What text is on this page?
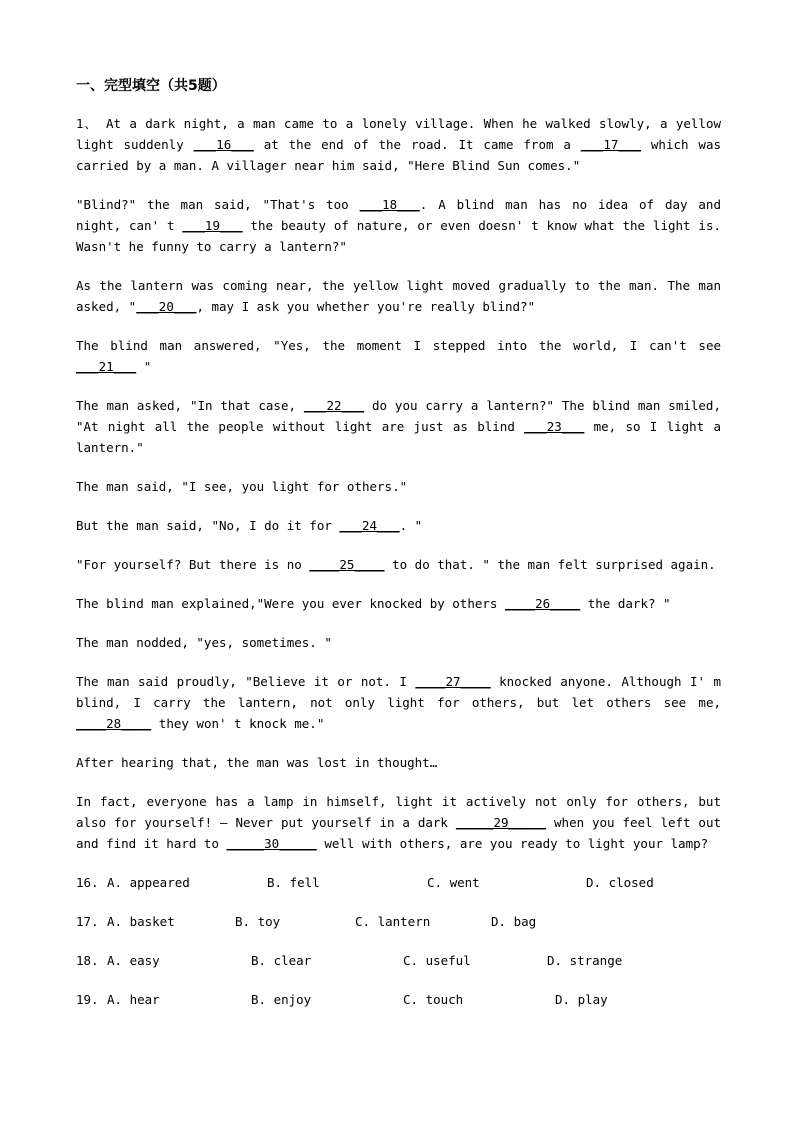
一、完型填空（共5题）

1、 At a dark night, a man came to a lonely village. When he walked slowly, a yellow light suddenly ___16___ at the end of the road. It came from a ___17___ which was carried by a man. A villager near him said, "Here Blind Sun comes."

"Blind?" the man said, "That's too ___18___. A blind man has no idea of day and night, can' t ___19___ the beauty of nature, or even doesn' t know what the light is. Wasn't he funny to carry a lantern?"

As the lantern was coming near, the yellow light moved gradually to the man. The man asked, "___20___, may I ask you whether you're really blind?"

The blind man answered, "Yes, the moment I stepped into the world, I can't see ___21___ "

The man asked, "In that case, ___22___ do you carry a lantern?" The blind man smiled, "At night all the people without light are just as blind ___23___ me, so I light a lantern."

The man said, "I see, you light for others."

But the man said, "No, I do it for ___24___. "

"For yourself? But there is no ____25____ to do that. " the man felt surprised again.

The blind man explained,"Were you ever knocked by others ____26____ the dark? "

The man nodded, "yes, sometimes. "

The man said proudly, "Believe it or not. I ____27____ knocked anyone. Although I' m blind, I carry the lantern, not only light for others, but let others see me, ____28____ they won' t knock me."

After hearing that, the man was lost in thought…

In fact, everyone has a lamp in himself, light it actively not only for others, but also for yourself! – Never put yourself in a dark _____29_____ when you feel left out and find it hard to _____30_____ well with others, are you ready to light your lamp?

16. A. appeared	B. fell	C. went	D. closed
17. A. basket	B. toy	C. lantern	D. bag
18. A. easy	B. clear	C. useful	D. strange
19. A. hear	B. enjoy	C. touch	D. play
